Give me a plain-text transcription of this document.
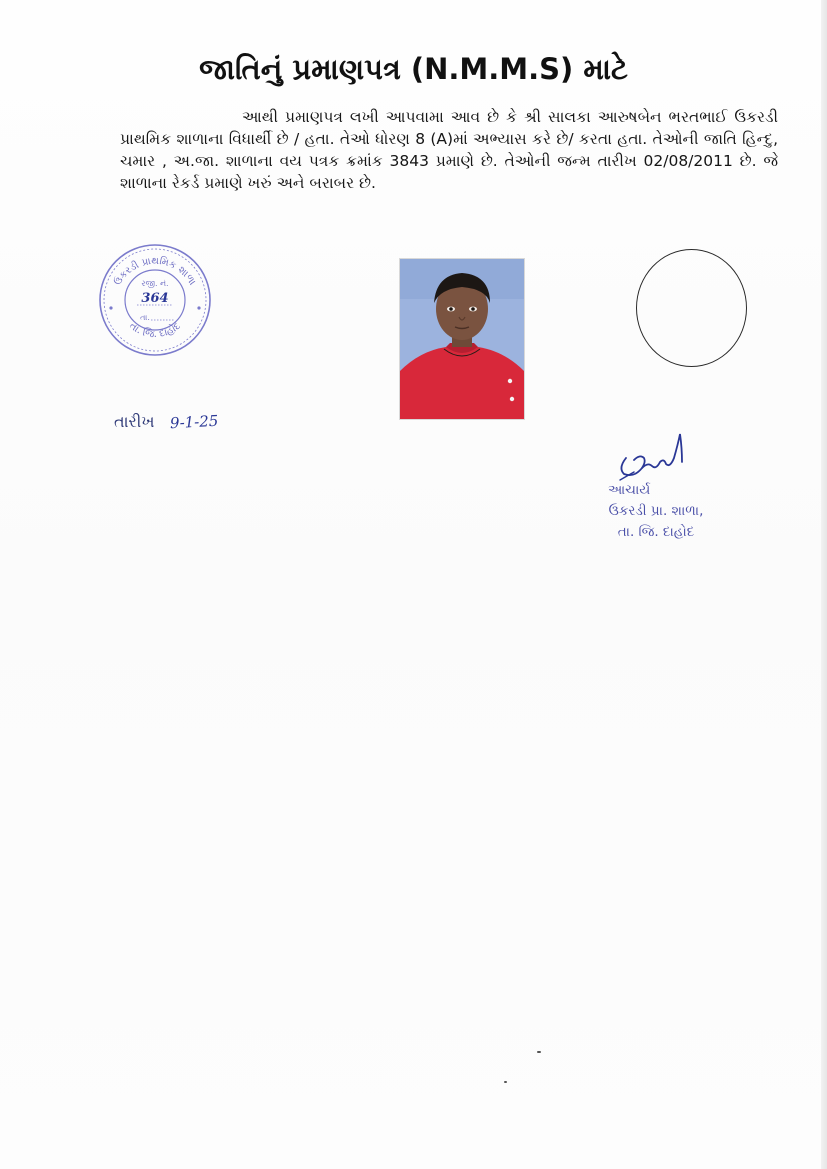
જાતિનું પ્રમાણપત્ર (N.M.M.S) માટે
આથી પ્રમાણપત્ર લખી આપવામા આવ છે કે શ્રી સાલકા આરુષબેન ભરતભાઈ ઉકરડી પ્રાથમિક શાળાના વિધાર્થી છે / હતા. તેઓ ધોરણ 8 (A)માં અભ્યાસ કરે છે/ કરતા હતા. તેઓની જાતિ હિન્દુ, ચમાર , અ.જા. શાળાના વય પત્રક ક્રમાંક 3843 પ્રમાણે છે. તેઓની જન્મ તારીખ 02/08/2011 છે. જે શાળાના રેકર્ડ પ્રમાણે ખરું અને બરાબર છે.
ઉકરડી પ્રાથમિક શાળા
તા. જિ. દાહોદ
રજી. નં.
364
તા.
તારીખ 9-1-25
આચાર્ય
ઉકરડી પ્રા. શાળા,
તા. જિ. દાહોદ
